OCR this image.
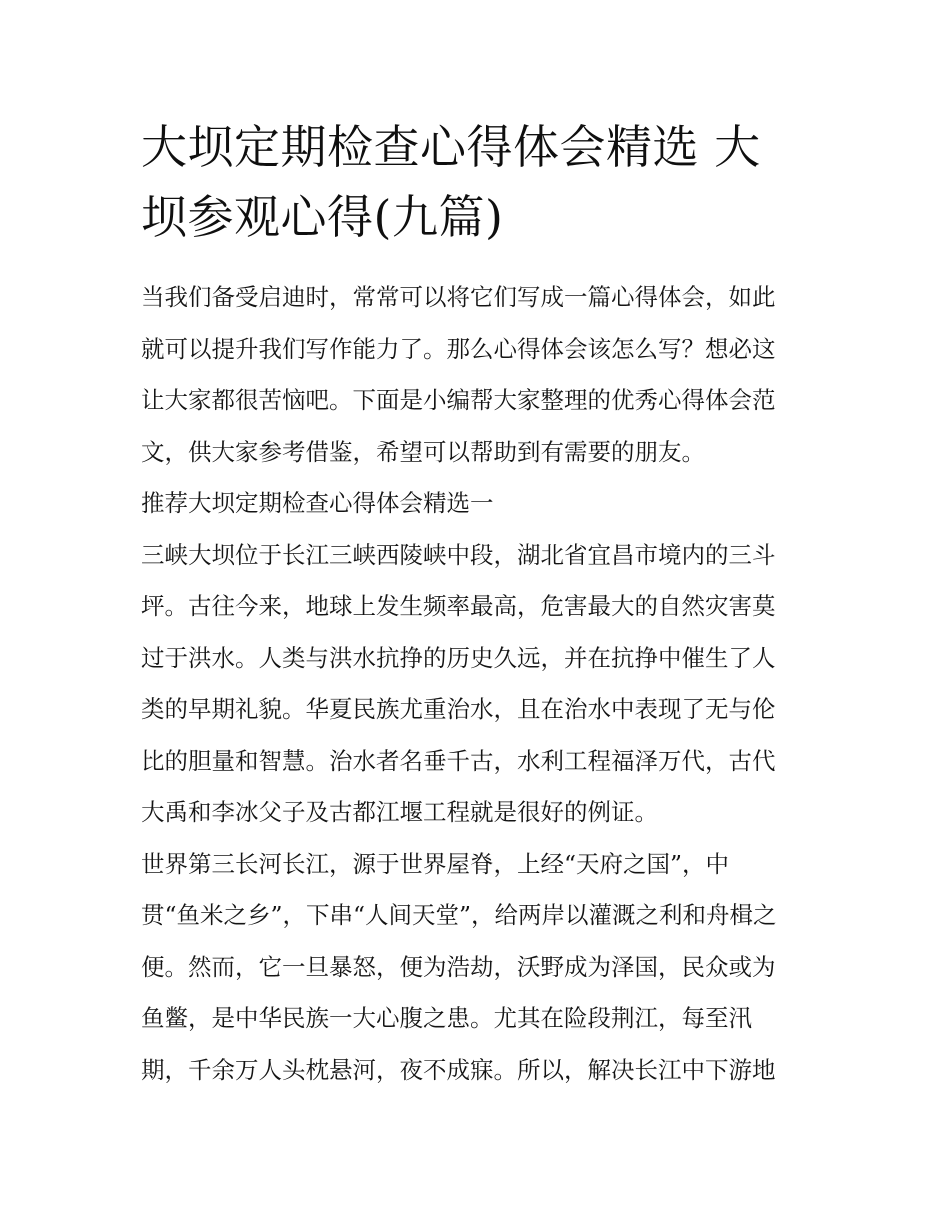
大坝定期检查心得体会精选 大
坝参观心得(九篇)
当我们备受启迪时，常常可以将它们写成一篇心得体会，如此
就可以提升我们写作能力了。那么心得体会该怎么写？想必这
让大家都很苦恼吧。下面是小编帮大家整理的优秀心得体会范
文，供大家参考借鉴，希望可以帮助到有需要的朋友。
推荐大坝定期检查心得体会精选一
三峡大坝位于长江三峡西陵峡中段，湖北省宜昌市境内的三斗
坪。古往今来，地球上发生频率最高，危害最大的自然灾害莫
过于洪水。人类与洪水抗挣的历史久远，并在抗挣中催生了人
类的早期礼貌。华夏民族尤重治水，且在治水中表现了无与伦
比的胆量和智慧。治水者名垂千古，水利工程福泽万代，古代
大禹和李冰父子及古都江堰工程就是很好的例证。
世界第三长河长江，源于世界屋脊，上经“天府之国”，中
贯“鱼米之乡”，下串“人间天堂”，给两岸以灌溉之利和舟楫之
便。然而，它一旦暴怒，便为浩劫，沃野成为泽国，民众或为
鱼鳖，是中华民族一大心腹之患。尤其在险段荆江，每至汛
期，千余万人头枕悬河，夜不成寐。所以，解决长江中下游地
